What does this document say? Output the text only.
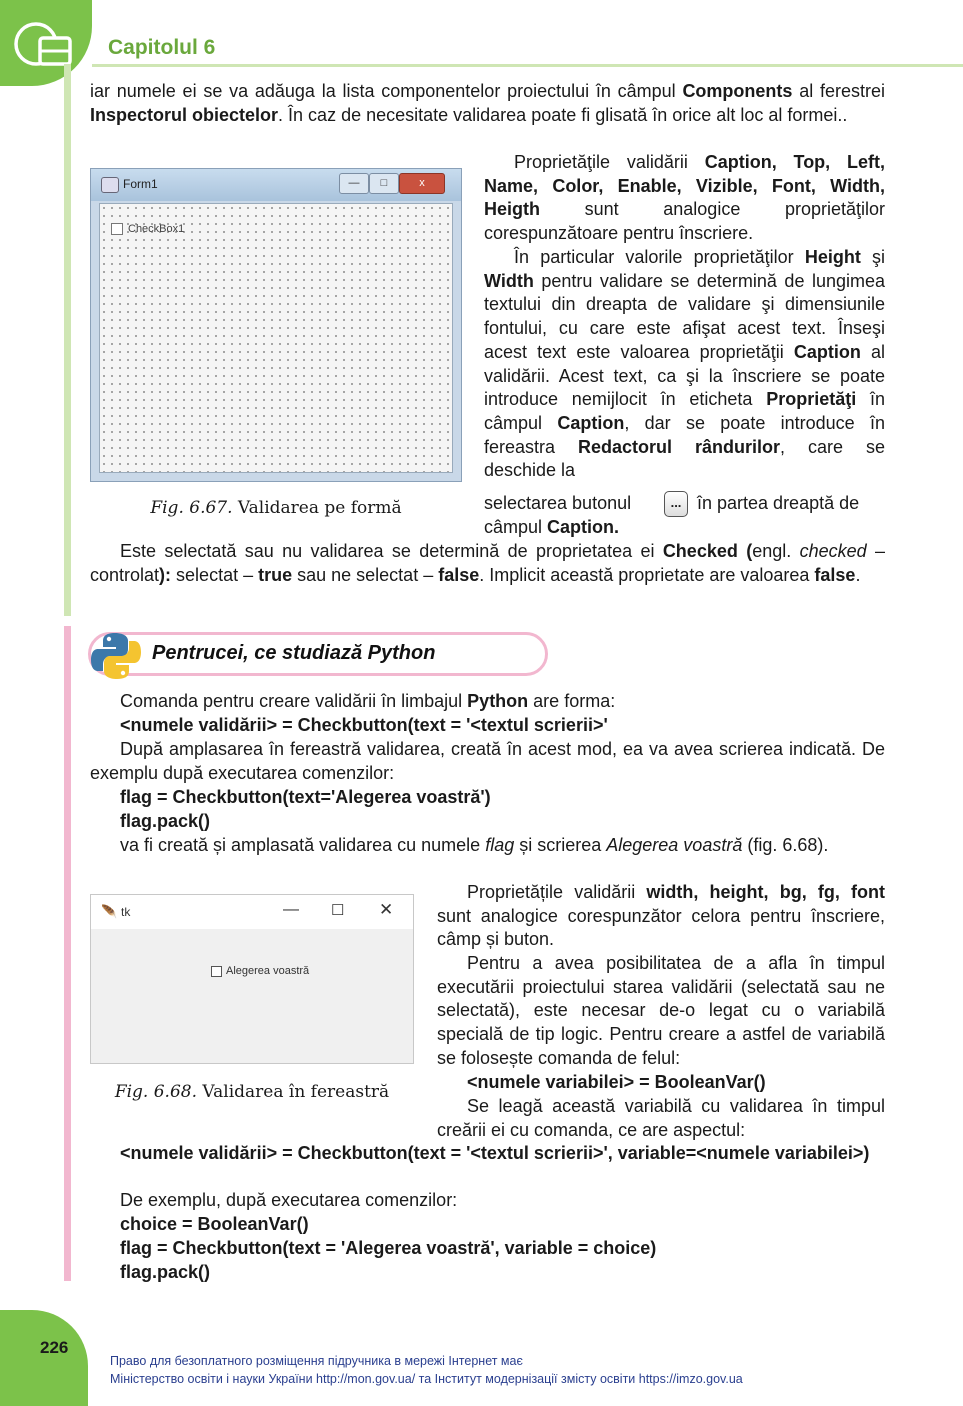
Capitolul 6

iar numele ei se va adăuga la lista componentelor proiectului în câmpul Components al ferestrei Inspectorul obiectelor. În caz de necesitate validarea poate fi glisată în orice alt loc al formei..

Form1	—	□	x
CheckBox1
Fig. 6.67. Validarea pe formă

Proprietăţile validării Caption, Top, Left, Name, Color, Enable, Vizible, Font, Width, Heigth sunt analogice proprietăţilor corespunzătoare pentru înscriere.

În particular valorile proprietăţilor Height şi Width pentru validare se determină de lungimea textului din dreapta de validare şi dimensiunile fontului, cu care este afişat acest text. Înseşi acest text este valoarea proprietăţii Caption al validării. Acest text, ca şi la înscriere se poate introduce nemijlocit în eticheta Proprietăţi în câmpul Caption, dar se poate introduce în fereastra Redactorul rândurilor, care se deschide la

selectarea butonul	... în partea dreaptă de

câmpul Caption.

Este selectată sau nu validarea se determină de proprietatea ei Checked (engl. checked – controlat): selectat – true sau ne selectat – false. Implicit această proprietate are valoarea false.

Pentrucei, ce studiază Python

Comanda pentru creare validării în limbajul Python are forma:

<numele validării> = Checkbutton(text = '<textul scrierii>'

După amplasarea în fereastră validarea, creată în acest mod, ea va avea scrierea indicată. De exemplu după executarea comenzilor:

flag = Checkbutton(text='Alegerea voastră')
flag.pack()

va fi creată și amplasată validarea cu numele flag și scrierea Alegerea voastră (fig. 6.68).

🪶 tk	— ☐ ✕
Alegerea voastră
Fig. 6.68. Validarea în fereastră

Proprietățile validării width, height, bg, fg, font sunt analogice corespunzător celora pentru înscriere, câmp și buton.

Pentru a avea posibilitatea de a afla în timpul executării proiectului starea validării (selectată sau ne selectată), este necesar de-o legat cu o variabilă specială de tip logic. Pentru creare a astfel de variabilă se folosește comanda de felul:

<numele variabilei> = BooleanVar()

Se leagă această variabilă cu validarea în timpul creării ei cu comanda, ce are aspectul:

<numele validării> = Checkbutton(text = '<textul scrierii>', variable=<numele variabilei>)

De exemplu, după executarea comenzilor:

choice = BooleanVar()
flag = Checkbutton(text = 'Alegerea voastră', variable = choice)
flag.pack()
226
Право для безоплатного розміщення підручника в мережі Інтернет має
Міністерство освіти і науки України http://mon.gov.ua/ та Інститут модернізації змісту освіти https://imzo.gov.ua
